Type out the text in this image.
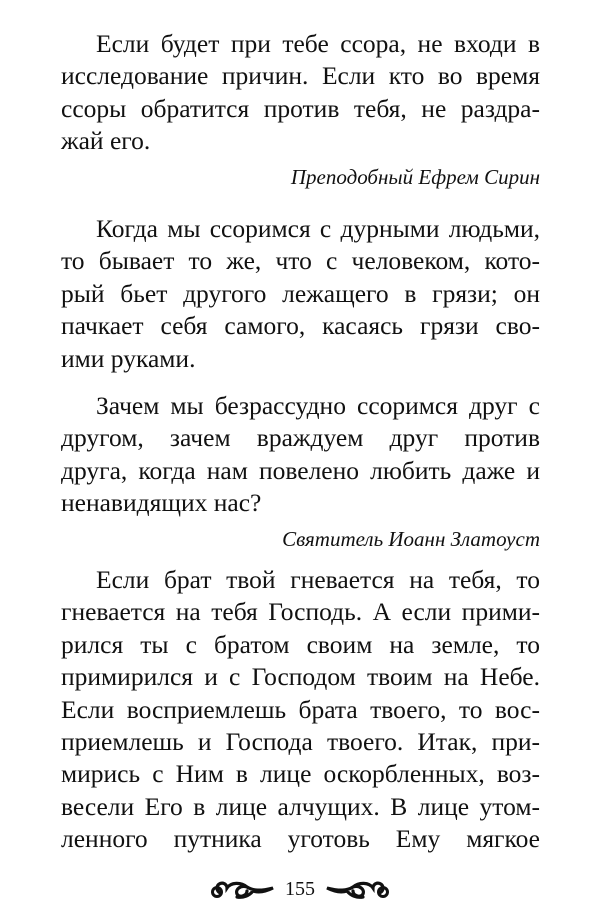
Если будет при тебе ссора, не входи в
исследование причин. Если кто во время
ссоры обратится против тебя, не раздра-
жай его.
Преподобный Ефрем Сирин
Когда мы ссоримся с дурными людьми,
то бывает то же, что с человеком, кото-
рый бьет другого лежащего в грязи; он
пачкает себя самого, касаясь грязи сво-
ими руками.
Зачем мы безрассудно ссоримся друг с
другом, зачем враждуем друг против
друга, когда нам повелено любить даже и
ненавидящих нас?
Святитель Иоанн Златоуст
Если брат твой гневается на тебя, то
гневается на тебя Господь. А если прими-
рился ты с братом своим на земле, то
примирился и с Господом твоим на Небе.
Если восприемлешь брата твоего, то вос-
приемлешь и Господа твоего. Итак, при-
мирись с Ним в лице оскорбленных, воз-
весели Его в лице алчущих. В лице утом-
ленного путника уготовь Ему мягкое
155
